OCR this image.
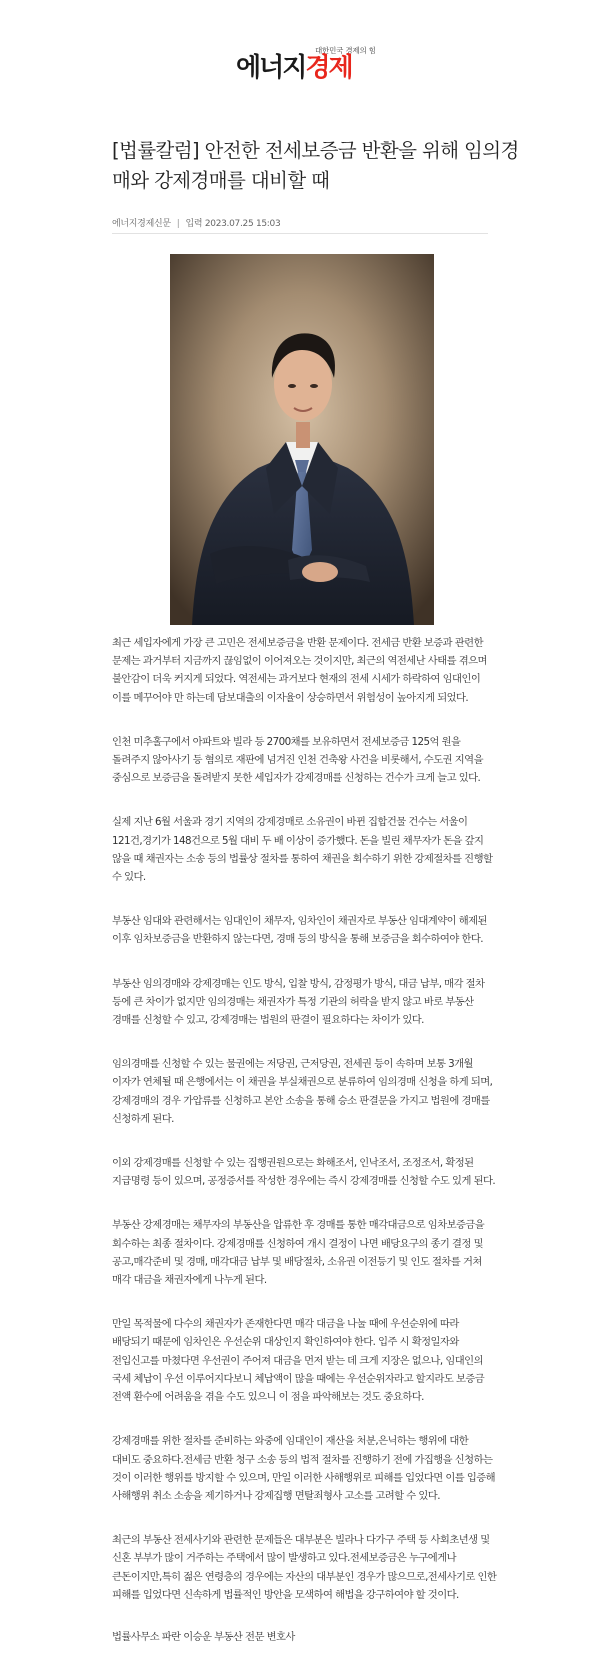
대한민국 경제의 힘
에너지경제
[법률칼럼] 안전한 전세보증금 반환을 위해 임의경매와 강제경매를 대비할 때
에너지경제신문 | 입력 2023.07.25 15:03

최근 세입자에게 가장 큰 고민은 전세보증금을 반환 문제이다. 전세금 반환 보증과 관련한 문제는 과거부터 지금까지 끊임없이 이어져오는 것이지만, 최근의 역전세난 사태를 겪으며 불안감이 더욱 커지게 되었다. 역전세는 과거보다 현재의 전세 시세가 하락하여 임대인이 이를 메꾸어야 만 하는데 담보대출의 이자율이 상승하면서 위험성이 높아지게 되었다.

인천 미추홀구에서 아파트와 빌라 등 2700채를 보유하면서 전세보증금 125억 원을 돌려주지 않아사기 등 혐의로 재판에 넘겨진 인천 건축왕 사건을 비롯해서, 수도권 지역을 중심으로 보증금을 돌려받지 못한 세입자가 강제경매를 신청하는 건수가 크게 늘고 있다.

실제 지난 6월 서울과 경기 지역의 강제경매로 소유권이 바뀐 집합건물 건수는 서울이 121건,경기가 148건으로 5월 대비 두 배 이상이 증가했다. 돈을 빌린 채무자가 돈을 갚지 않을 때 채권자는 소송 등의 법률상 절차를 통하여 채권을 회수하기 위한 강제절차를 진행할 수 있다.

부동산 임대와 관련해서는 임대인이 채무자, 임차인이 채권자로 부동산 임대계약이 해제된 이후 임차보증금을 반환하지 않는다면, 경매 등의 방식을 통해 보증금을 회수하여야 한다.

부동산 임의경매와 강제경매는 인도 방식, 입찰 방식, 감정평가 방식, 대금 납부, 매각 절차 등에 큰 차이가 없지만 임의경매는 채권자가 특정 기관의 허락을 받지 않고 바로 부동산 경매를 신청할 수 있고, 강제경매는 법원의 판결이 필요하다는 차이가 있다.

임의경매를 신청할 수 있는 물권에는 저당권, 근저당권, 전세권 등이 속하며 보통 3개월 이자가 연체될 때 은행에서는 이 채권을 부실채권으로 분류하여 임의경매 신청을 하게 되며, 강제경매의 경우 가압류를 신청하고 본안 소송을 통해 승소 판결문을 가지고 법원에 경매를 신청하게 된다.

이외 강제경매를 신청할 수 있는 집행권원으로는 화해조서, 인낙조서, 조정조서, 확정된 지급명령 등이 있으며, 공정증서를 작성한 경우에는 즉시 강제경매를 신청할 수도 있게 된다.

부동산 강제경매는 채무자의 부동산을 압류한 후 경매를 통한 매각대금으로 임차보증금을 회수하는 최종 절차이다. 강제경매를 신청하여 개시 결정이 나면 배당요구의 종기 결정 및 공고,매각준비 및 경매, 매각대금 납부 및 배당절차, 소유권 이전등기 및 인도 절차를 거쳐 매각 대금을 채권자에게 나누게 된다.

만일 목적물에 다수의 채권자가 존재한다면 매각 대금을 나눌 때에 우선순위에 따라 배당되기 때문에 임차인은 우선순위 대상인지 확인하여야 한다. 입주 시 확정일자와 전입신고를 마쳤다면 우선권이 주어져 대금을 먼저 받는 데 크게 지장은 없으나, 임대인의 국세 체납이 우선 이루어지다보니 체납액이 많을 때에는 우선순위자라고 할지라도 보증금 전액 환수에 어려움을 겪을 수도 있으니 이 점을 파악해보는 것도 중요하다.

강제경매를 위한 절차를 준비하는 와중에 임대인이 재산을 처분,은닉하는 행위에 대한 대비도 중요하다.전세금 반환 청구 소송 등의 법적 절차를 진행하기 전에 가집행을 신청하는 것이 이러한 행위를 방지할 수 있으며, 만일 이러한 사해행위로 피해를 입었다면 이를 입증해 사해행위 취소 소송을 제기하거나 강제집행 면탈죄형사 고소를 고려할 수 있다.

최근의 부동산 전세사기와 관련한 문제들은 대부분은 빌라나 다가구 주택 등 사회초년생 및 신혼 부부가 많이 거주하는 주택에서 많이 발생하고 있다.전세보증금은 누구에게나 큰돈이지만,특히 젊은 연령층의 경우에는 자산의 대부분인 경우가 많으므로,전세사기로 인한 피해를 입었다면 신속하게 법률적인 방안을 모색하여 해법을 강구하여야 할 것이다.

법률사무소 파란 이승운 부동산 전문 변호사
